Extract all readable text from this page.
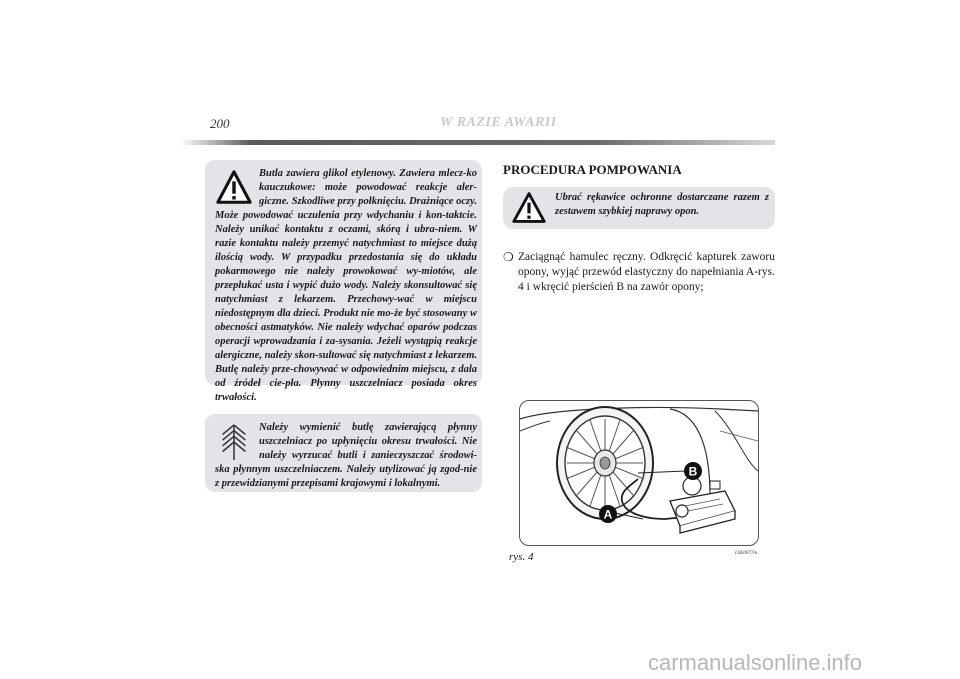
200	W RAZIE AWARII

Butla zawiera glikol etylenowy. Zawiera mlecz-ko kauczukowe: może powodować reakcje aler-giczne. Szkodliwe przy połknięciu. Drażniące oczy. Może powodować uczulenia przy wdychaniu i kon-taktcie. Należy unikać kontaktu z oczami, skórą i ubra-niem. W razie kontaktu należy przemyć natychmiast to miejsce dużą ilością wody. W przypadku przedostania się do układu pokarmowego nie należy prowokować wy-miotów, ale przepłukać usta i wypić dużo wody. Należy skonsultować się natychmiast z lekarzem. Przechowy-wać w miejscu niedostępnym dla dzieci. Produkt nie mo-że być stosowany w obecności astmatyków. Nie należy wdychać oparów podczas operacji wprowadzania i za-sysania. Jeżeli wystąpią reakcje alergiczne, należy skon-sultować się natychmiast z lekarzem. Butlę należy prze-chowywać w odpowiednim miejscu, z dala od źródeł cie-pła. Płynny uszczelniacz posiada okres trwałości.

Należy wymienić butlę zawierającą płynny uszczelniacz po upłynięciu okresu trwałości. Nie należy wyrzucać butli i zanieczyszczać środowi-ska płynnym uszczelniaczem. Należy utylizować ją zgod-nie z przewidzianymi przepisami krajowymi i lokalnymi.

PROCEDURA POMPOWANIA

Ubrać rękawice ochronne dostarczane razem z zestawem szybkiej naprawy opon.

❍ Zaciągnąć hamulec ręczny. Odkręcić kapturek zaworu opony, wyjąć przewód elastyczny do napełniania A-rys. 4 i wkręcić pierścień B na zawór opony;
A
B
rys. 4	L0E0077m
carmanualsonline.info
